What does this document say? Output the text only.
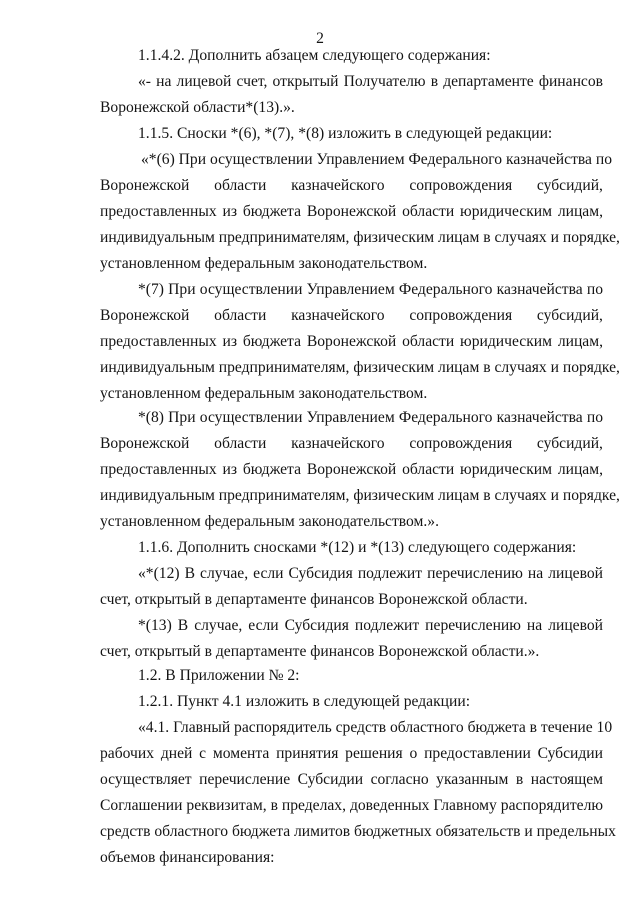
2
1.1.4.2. Дополнить абзацем следующего содержания:
«- на лицевой счет, открытый Получателю в департаменте финансов
Воронежской области*(13).».
1.1.5. Сноски *(6), *(7), *(8) изложить в следующей редакции:
«*(6) При осуществлении Управлением Федерального казначейства по
Воронежской области казначейского сопровождения субсидий,
предоставленных из бюджета Воронежской области юридическим лицам,
индивидуальным предпринимателям, физическим лицам в случаях и порядке,
установленном федеральным законодательством.
*(7) При осуществлении Управлением Федерального казначейства по
Воронежской области казначейского сопровождения субсидий,
предоставленных из бюджета Воронежской области юридическим лицам,
индивидуальным предпринимателям, физическим лицам в случаях и порядке,
установленном федеральным законодательством.
*(8) При осуществлении Управлением Федерального казначейства по
Воронежской области казначейского сопровождения субсидий,
предоставленных из бюджета Воронежской области юридическим лицам,
индивидуальным предпринимателям, физическим лицам в случаях и порядке,
установленном федеральным законодательством.».
1.1.6. Дополнить сносками *(12) и *(13) следующего содержания:
«*(12) В случае, если Субсидия подлежит перечислению на лицевой
счет, открытый в департаменте финансов Воронежской области.
*(13) В случае, если Субсидия подлежит перечислению на лицевой
счет, открытый в департаменте финансов Воронежской области.».
1.2. В Приложении № 2:
1.2.1. Пункт 4.1 изложить в следующей редакции:
«4.1. Главный распорядитель средств областного бюджета в течение 10
рабочих дней с момента принятия решения о предоставлении Субсидии
осуществляет перечисление Субсидии согласно указанным в настоящем
Соглашении реквизитам, в пределах, доведенных Главному распорядителю
средств областного бюджета лимитов бюджетных обязательств и предельных
объемов финансирования:
